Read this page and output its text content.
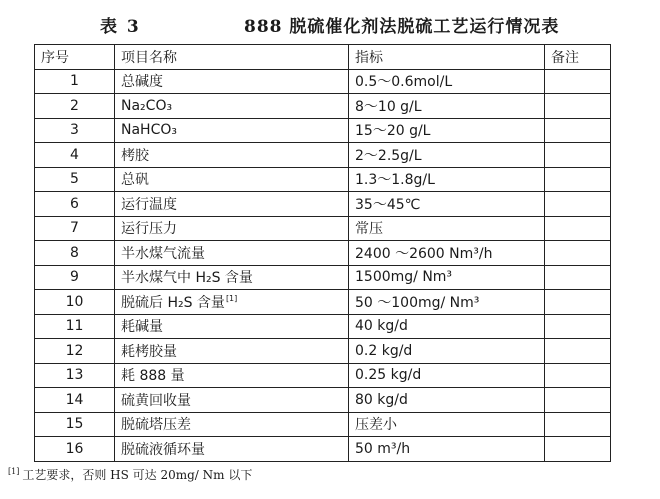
表 3	888 脱硫催化剂法脱硫工艺运行情况表
序号	项目名称	指标	备注
1	总碱度	0.5～0.6mol/L	
2	Na₂CO₃	8～10 g/L	
3	NaHCO₃	15～20 g/L	
4	栲胶	2～2.5g/L	
5	总矾	1.3～1.8g/L	
6	运行温度	35～45℃	
7	运行压力	常压	
8	半水煤气流量	2400 ～2600 Nm³/h	
9	半水煤气中 H₂S 含量	1500mg/ Nm³	
10	脱硫后 H₂S 含量[1]	50 ～100mg/ Nm³	
11	耗碱量	40 kg/d	
12	耗栲胶量	0.2 kg/d	
13	耗 888 量	0.25 kg/d	
14	硫黄回收量	80 kg/d	
15	脱硫塔压差	压差小	
16	脱硫液循环量	50 m³/h	
[1] 工艺要求，否则 HS 可达 20mg/ Nm 以下
